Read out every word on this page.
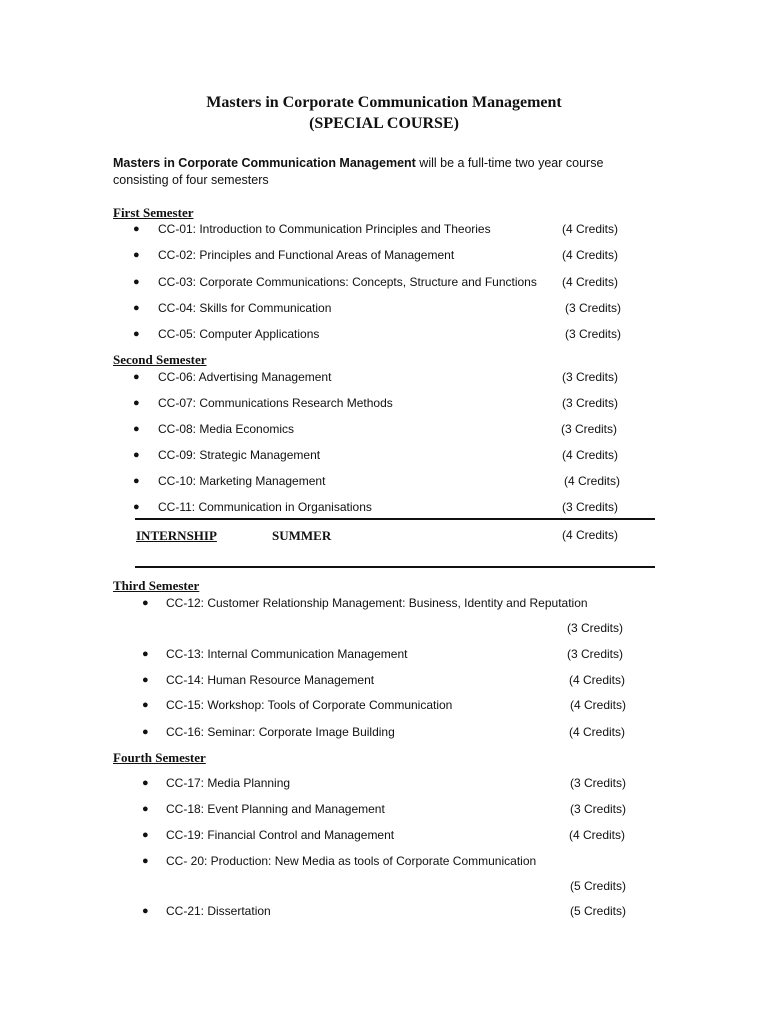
Masters in Corporate Communication Management
(SPECIAL COURSE)
Masters in Corporate Communication Management will be a full-time two year course
consisting of four semesters
First Semester
● CC-01: Introduction to Communication Principles and Theories	(4 Credits)
● CC-02: Principles and Functional Areas of Management	(4 Credits)
● CC-03: Corporate Communications: Concepts, Structure and Functions (4 Credits)
● CC-04: Skills for Communication	(3 Credits)
● CC-05: Computer Applications	(3 Credits)
Second Semester
● CC-06: Advertising Management	(3 Credits)
● CC-07: Communications Research Methods	(3 Credits)
● CC-08: Media Economics	(3 Credits)
● CC-09: Strategic Management	(4 Credits)
● CC-10: Marketing Management	(4 Credits)
● CC-11: Communication in Organisations	(3 Credits)
INTERNSHIP	SUMMER	(4 Credits)
Third Semester
● CC-12: Customer Relationship Management: Business, Identity and Reputation
(3 Credits)
● CC-13: Internal Communication Management	(3 Credits)
● CC-14: Human Resource Management	(4 Credits)
● CC-15: Workshop: Tools of Corporate Communication	(4 Credits)
● CC-16: Seminar: Corporate Image Building	(4 Credits)
Fourth Semester
● CC-17: Media Planning	(3 Credits)
● CC-18: Event Planning and Management	(3 Credits)
● CC-19: Financial Control and Management	(4 Credits)
● CC- 20: Production: New Media as tools of Corporate Communication
(5 Credits)
● CC-21: Dissertation	(5 Credits)
